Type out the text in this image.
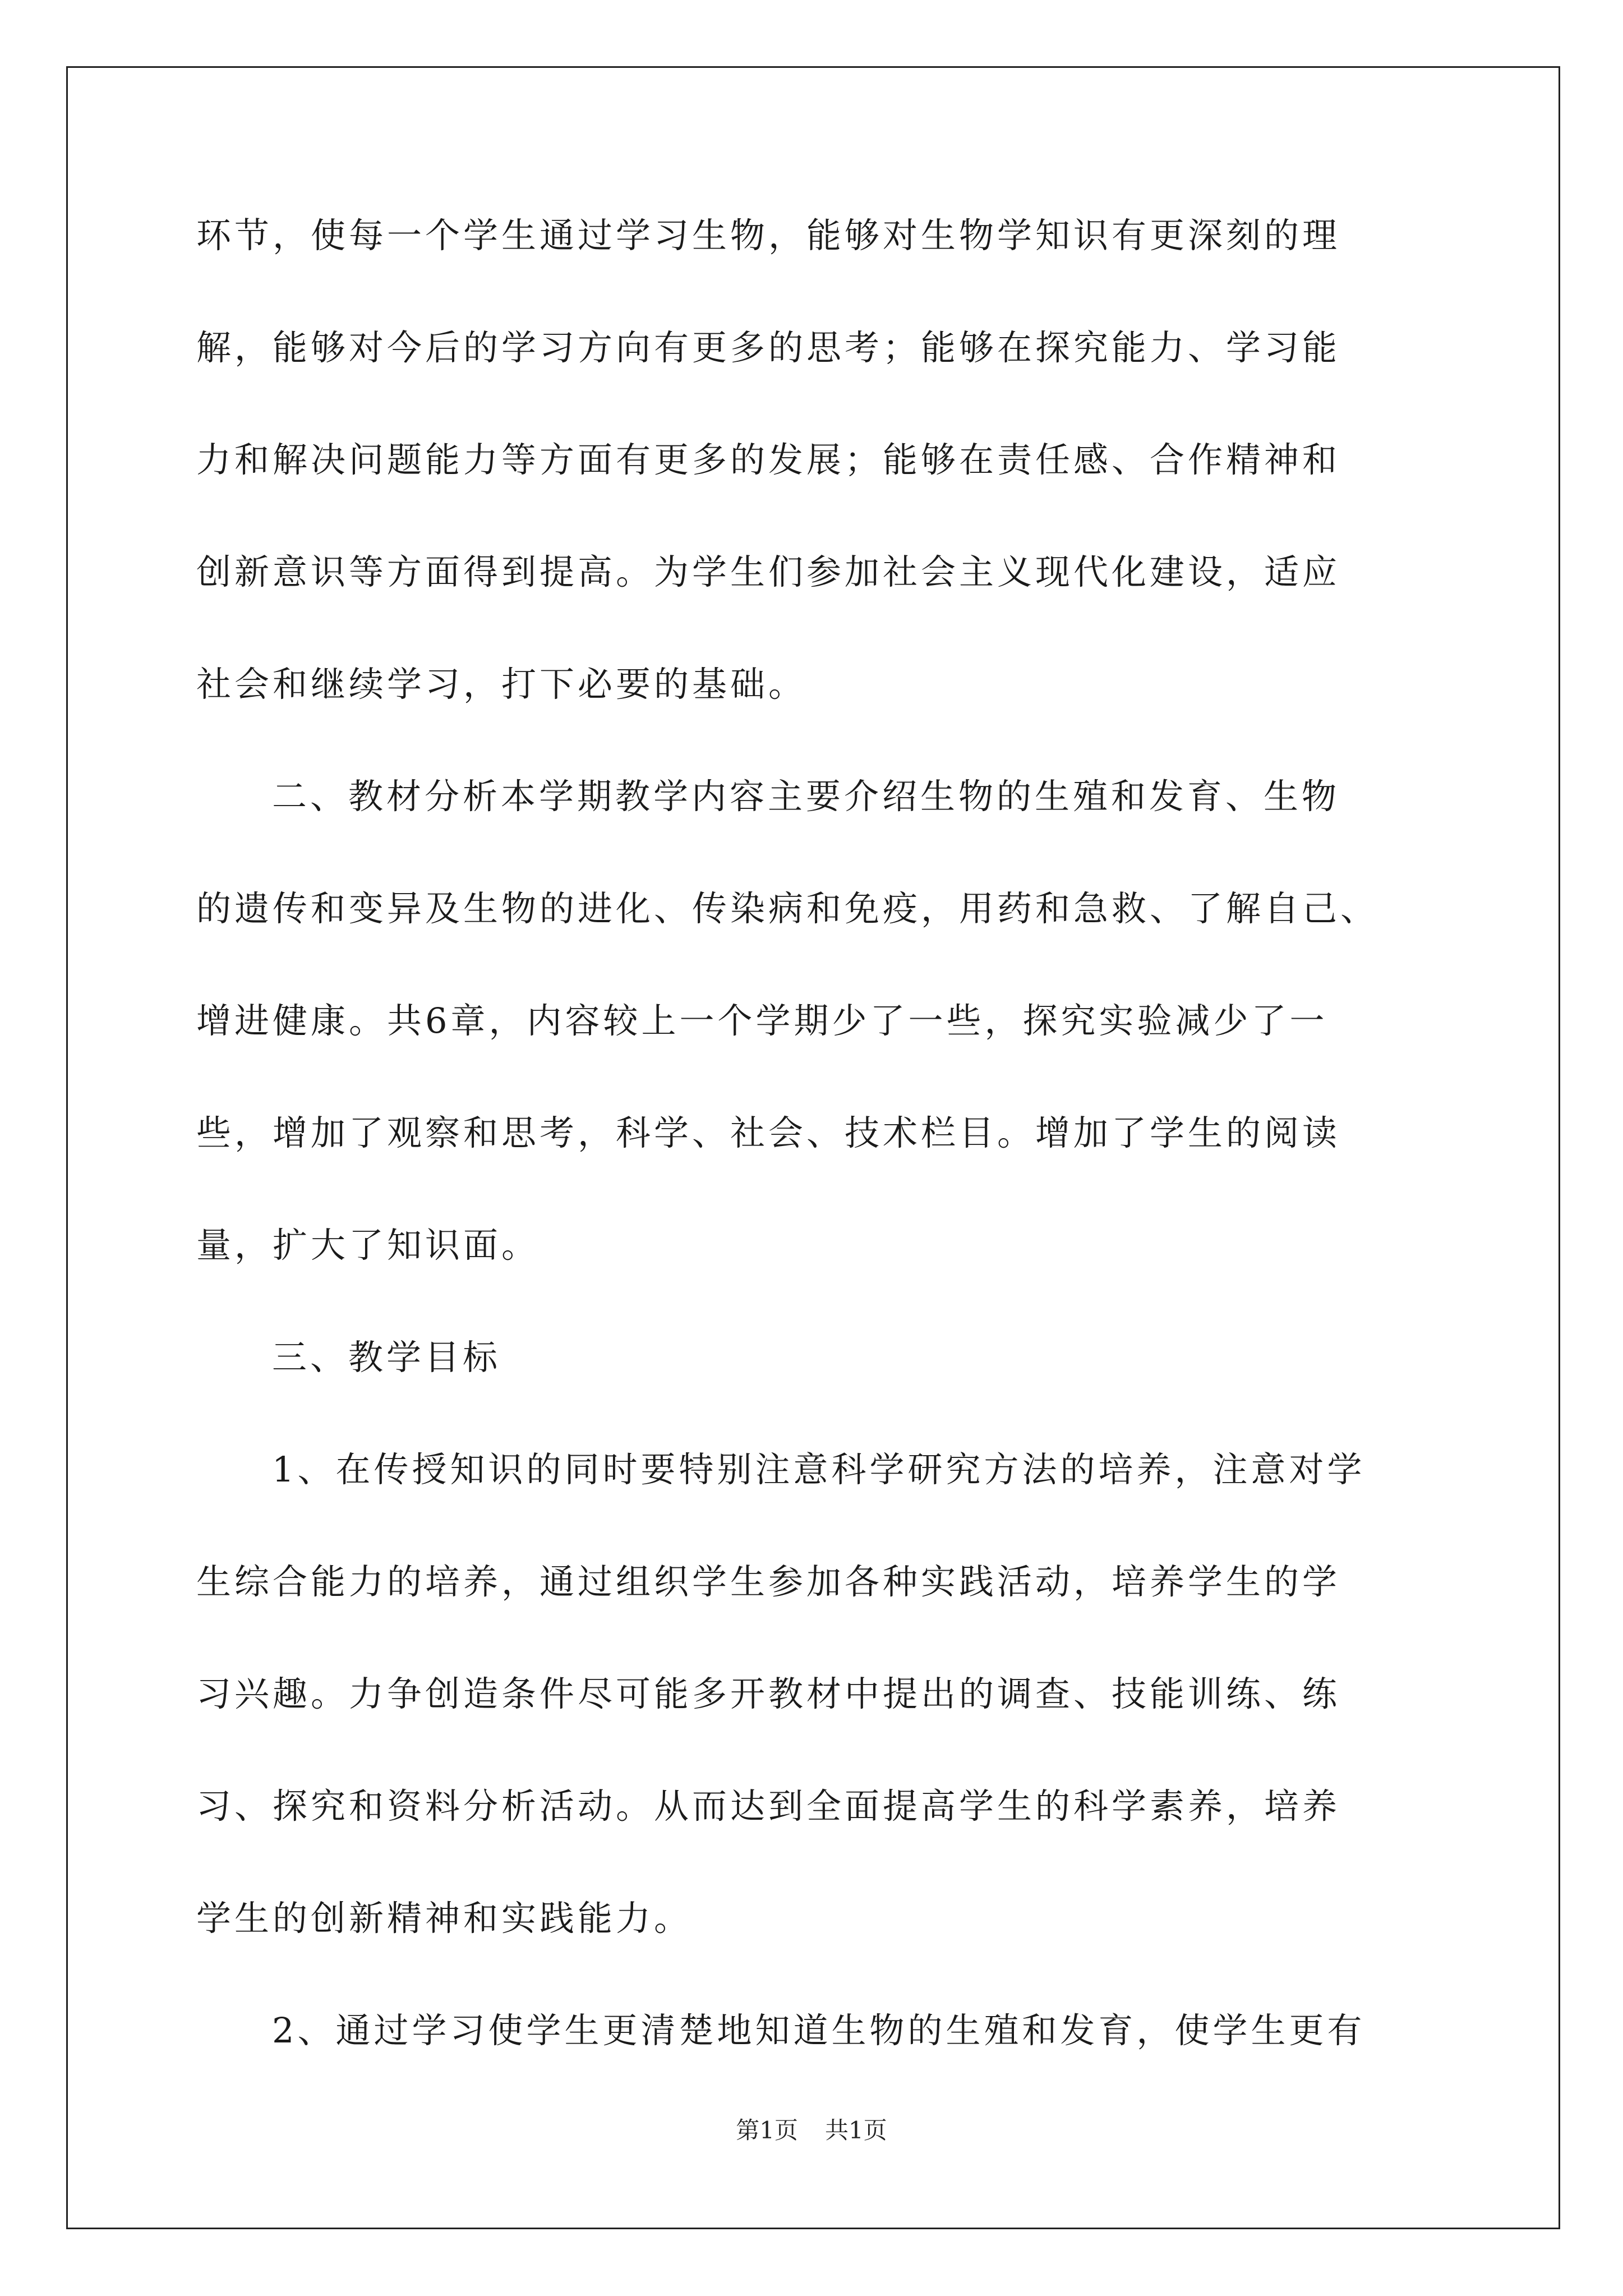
环节，使每一个学生通过学习生物，能够对生物学知识有更深刻的理
解，能够对今后的学习方向有更多的思考；能够在探究能力、学习能
力和解决问题能力等方面有更多的发展；能够在责任感、合作精神和
创新意识等方面得到提高。为学生们参加社会主义现代化建设，适应
社会和继续学习，打下必要的基础。
二、教材分析本学期教学内容主要介绍生物的生殖和发育、生物
的遗传和变异及生物的进化、传染病和免疫，用药和急救、了解自己、
增进健康。共6章，内容较上一个学期少了一些，探究实验减少了一
些，增加了观察和思考，科学、社会、技术栏目。增加了学生的阅读
量，扩大了知识面。
三、教学目标
1、在传授知识的同时要特别注意科学研究方法的培养，注意对学
生综合能力的培养，通过组织学生参加各种实践活动，培养学生的学
习兴趣。力争创造条件尽可能多开教材中提出的调查、技能训练、练
习、探究和资料分析活动。从而达到全面提高学生的科学素养，培养
学生的创新精神和实践能力。
2、通过学习使学生更清楚地知道生物的生殖和发育，使学生更有
第1页 共1页
